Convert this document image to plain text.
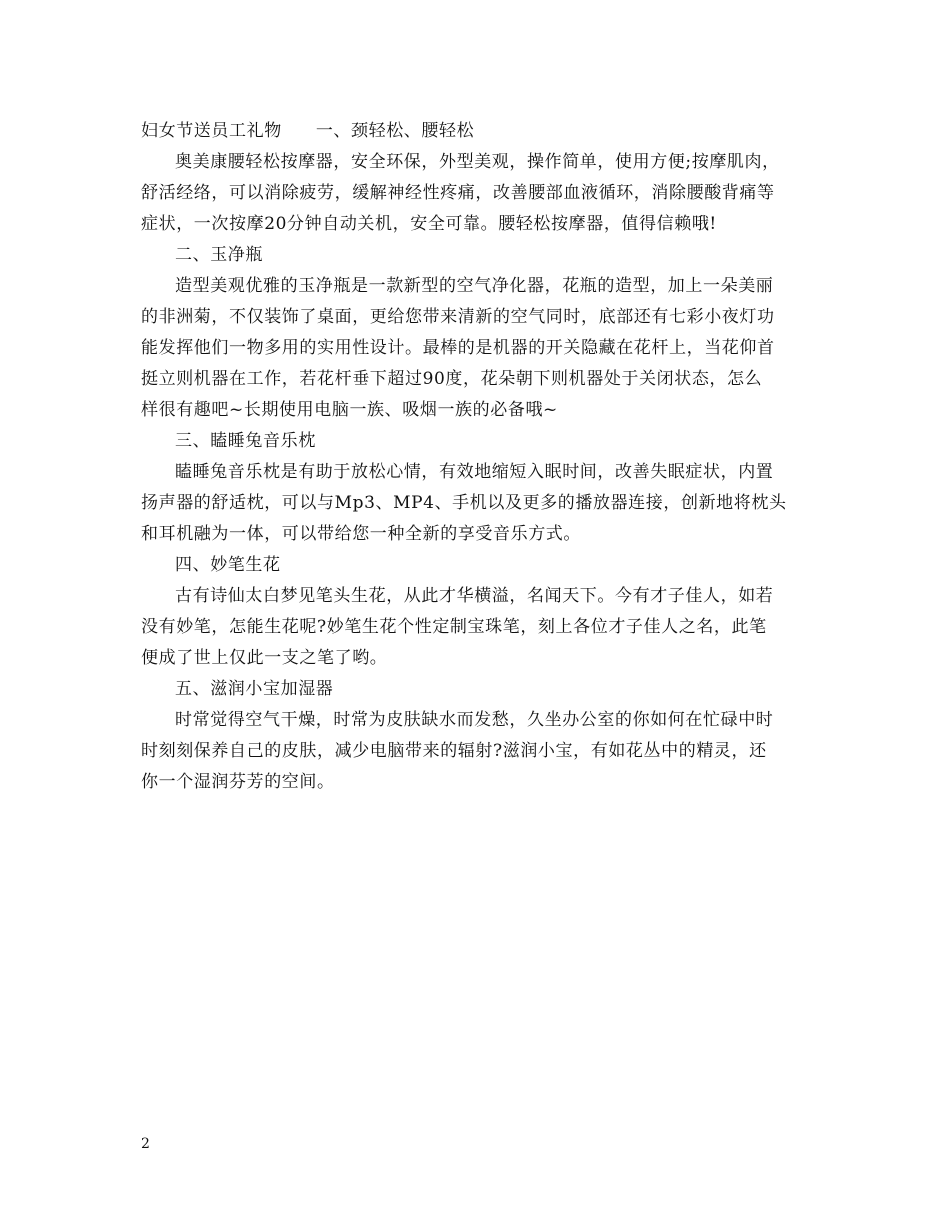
妇女节送员工礼物 一、颈轻松、腰轻松
奥美康腰轻松按摩器，安全环保，外型美观，操作简单，使用方便;按摩肌肉，
舒活经络，可以消除疲劳，缓解神经性疼痛，改善腰部血液循环，消除腰酸背痛等
症状，一次按摩20分钟自动关机，安全可靠。腰轻松按摩器，值得信赖哦!
二、玉净瓶
造型美观优雅的玉净瓶是一款新型的空气净化器，花瓶的造型，加上一朵美丽
的非洲菊，不仅装饰了桌面，更给您带来清新的空气同时，底部还有七彩小夜灯功
能发挥他们一物多用的实用性设计。最棒的是机器的开关隐藏在花杆上，当花仰首
挺立则机器在工作，若花杆垂下超过90度，花朵朝下则机器处于关闭状态，怎么
样很有趣吧~长期使用电脑一族、吸烟一族的必备哦~
三、瞌睡兔音乐枕
瞌睡兔音乐枕是有助于放松心情，有效地缩短入眠时间，改善失眠症状，内置
扬声器的舒适枕，可以与Mp3、MP4、手机以及更多的播放器连接，创新地将枕头
和耳机融为一体，可以带给您一种全新的享受音乐方式。
四、妙笔生花
古有诗仙太白梦见笔头生花，从此才华横溢，名闻天下。今有才子佳人，如若
没有妙笔，怎能生花呢?妙笔生花个性定制宝珠笔，刻上各位才子佳人之名，此笔
便成了世上仅此一支之笔了哟。
五、滋润小宝加湿器
时常觉得空气干燥，时常为皮肤缺水而发愁，久坐办公室的你如何在忙碌中时
时刻刻保养自己的皮肤，减少电脑带来的辐射?滋润小宝，有如花丛中的精灵，还
你一个湿润芬芳的空间。
2
